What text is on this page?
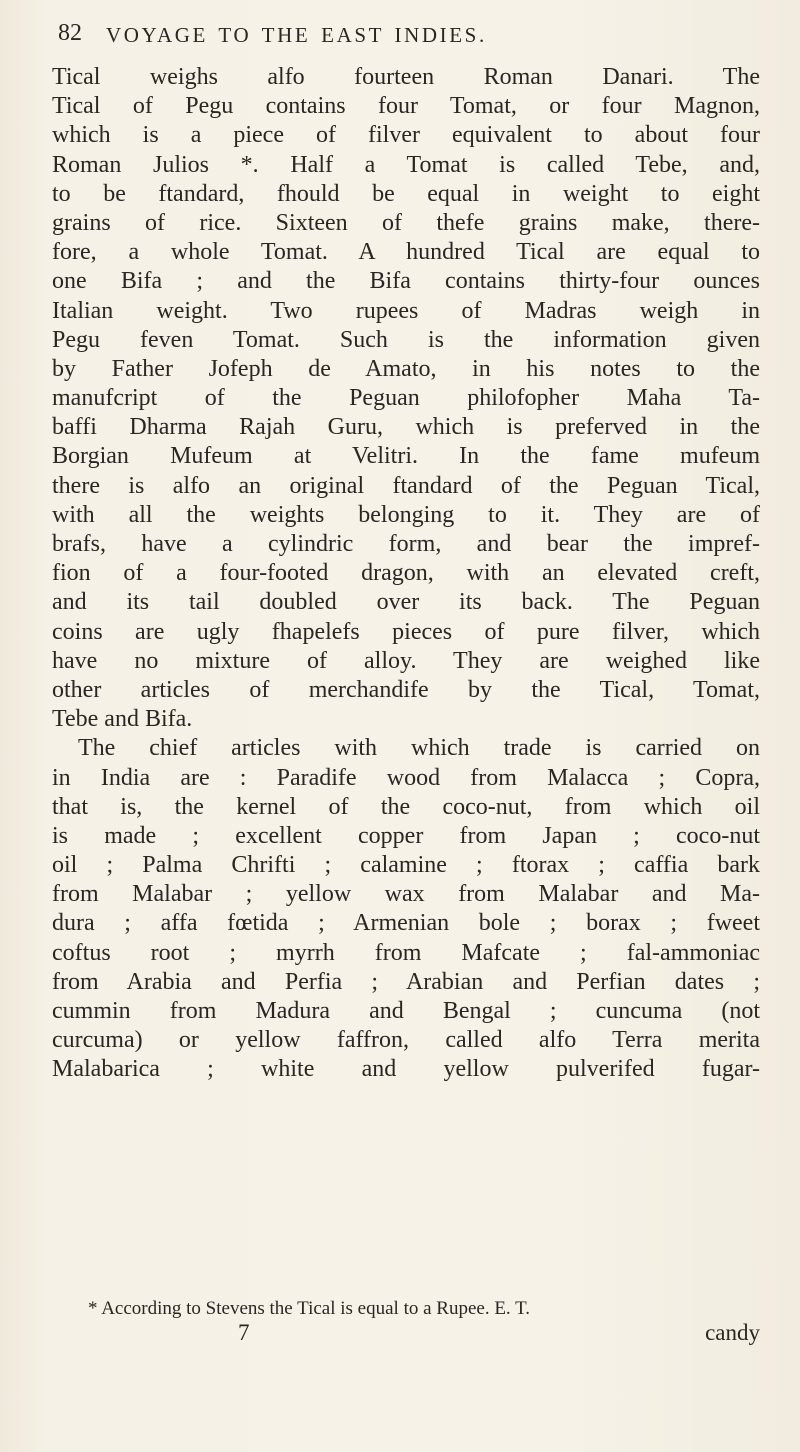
82 VOYAGE TO THE EAST INDIES.
Tical weighs alfo fourteen Roman Danari. The
Tical of Pegu contains four Tomat, or four Magnon,
which is a piece of filver equivalent to about four
Roman Julios *. Half a Tomat is called Tebe, and,
to be ftandard, fhould be equal in weight to eight
grains of rice. Sixteen of thefe grains make, there-
fore, a whole Tomat. A hundred Tical are equal to
one Bifa ; and the Bifa contains thirty-four ounces
Italian weight. Two rupees of Madras weigh in
Pegu feven Tomat. Such is the information given
by Father Jofeph de Amato, in his notes to the
manufcript of the Peguan philofopher Maha Ta-
baffi Dharma Rajah Guru, which is preferved in the
Borgian Mufeum at Velitri. In the fame mufeum
there is alfo an original ftandard of the Peguan Tical,
with all the weights belonging to it. They are of
brafs, have a cylindric form, and bear the impref-
fion of a four-footed dragon, with an elevated creft,
and its tail doubled over its back. The Peguan
coins are ugly fhapelefs pieces of pure filver, which
have no mixture of alloy. They are weighed like
other articles of merchandife by the Tical, Tomat,
Tebe and Bifa.
The chief articles with which trade is carried on
in India are : Paradife wood from Malacca ; Copra,
that is, the kernel of the coco-nut, from which oil
is made ; excellent copper from Japan ; coco-nut
oil ; Palma Chrifti ; calamine ; ftorax ; caffia bark
from Malabar ; yellow wax from Malabar and Ma-
dura ; affa fœtida ; Armenian bole ; borax ; fweet
coftus root ; myrrh from Mafcate ; fal-ammoniac
from Arabia and Perfia ; Arabian and Perfian dates ;
cummin from Madura and Bengal ; cuncuma (not
curcuma) or yellow faffron, called alfo Terra merita
Malabarica ; white and yellow pulverifed fugar-
* According to Stevens the Tical is equal to a Rupee. E. T.
7	candy
